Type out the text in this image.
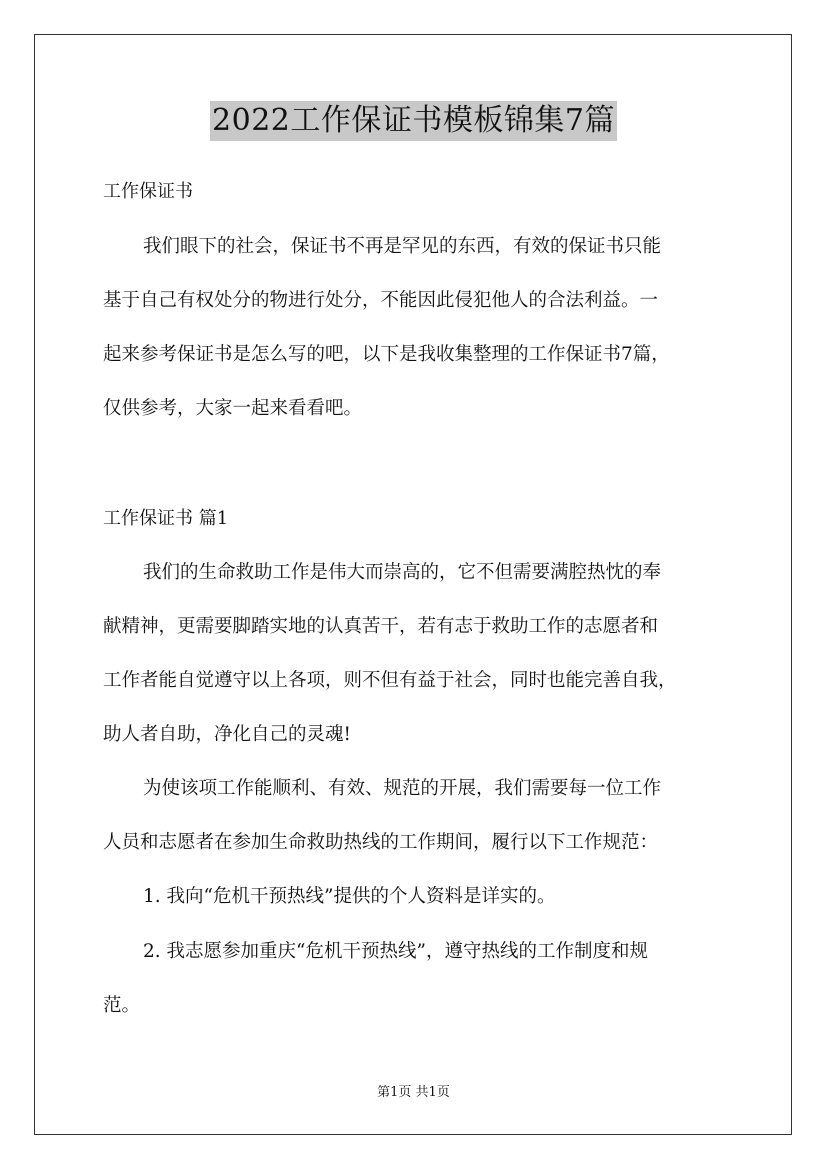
2022工作保证书模板锦集7篇

工作保证书

我们眼下的社会，保证书不再是罕见的东西，有效的保证书只能

基于自己有权处分的物进行处分，不能因此侵犯他人的合法利益。一

起来参考保证书是怎么写的吧，以下是我收集整理的工作保证书7篇，

仅供参考，大家一起来看看吧。

工作保证书 篇1

我们的生命救助工作是伟大而崇高的，它不但需要满腔热忱的奉

献精神，更需要脚踏实地的认真苦干，若有志于救助工作的志愿者和

工作者能自觉遵守以上各项，则不但有益于社会，同时也能完善自我，

助人者自助，净化自己的灵魂!

为使该项工作能顺利、有效、规范的开展，我们需要每一位工作

人员和志愿者在参加生命救助热线的工作期间，履行以下工作规范：

1. 我向“危机干预热线”提供的个人资料是详实的。

2. 我志愿参加重庆“危机干预热线”，遵守热线的工作制度和规

范。

第1页 共1页
